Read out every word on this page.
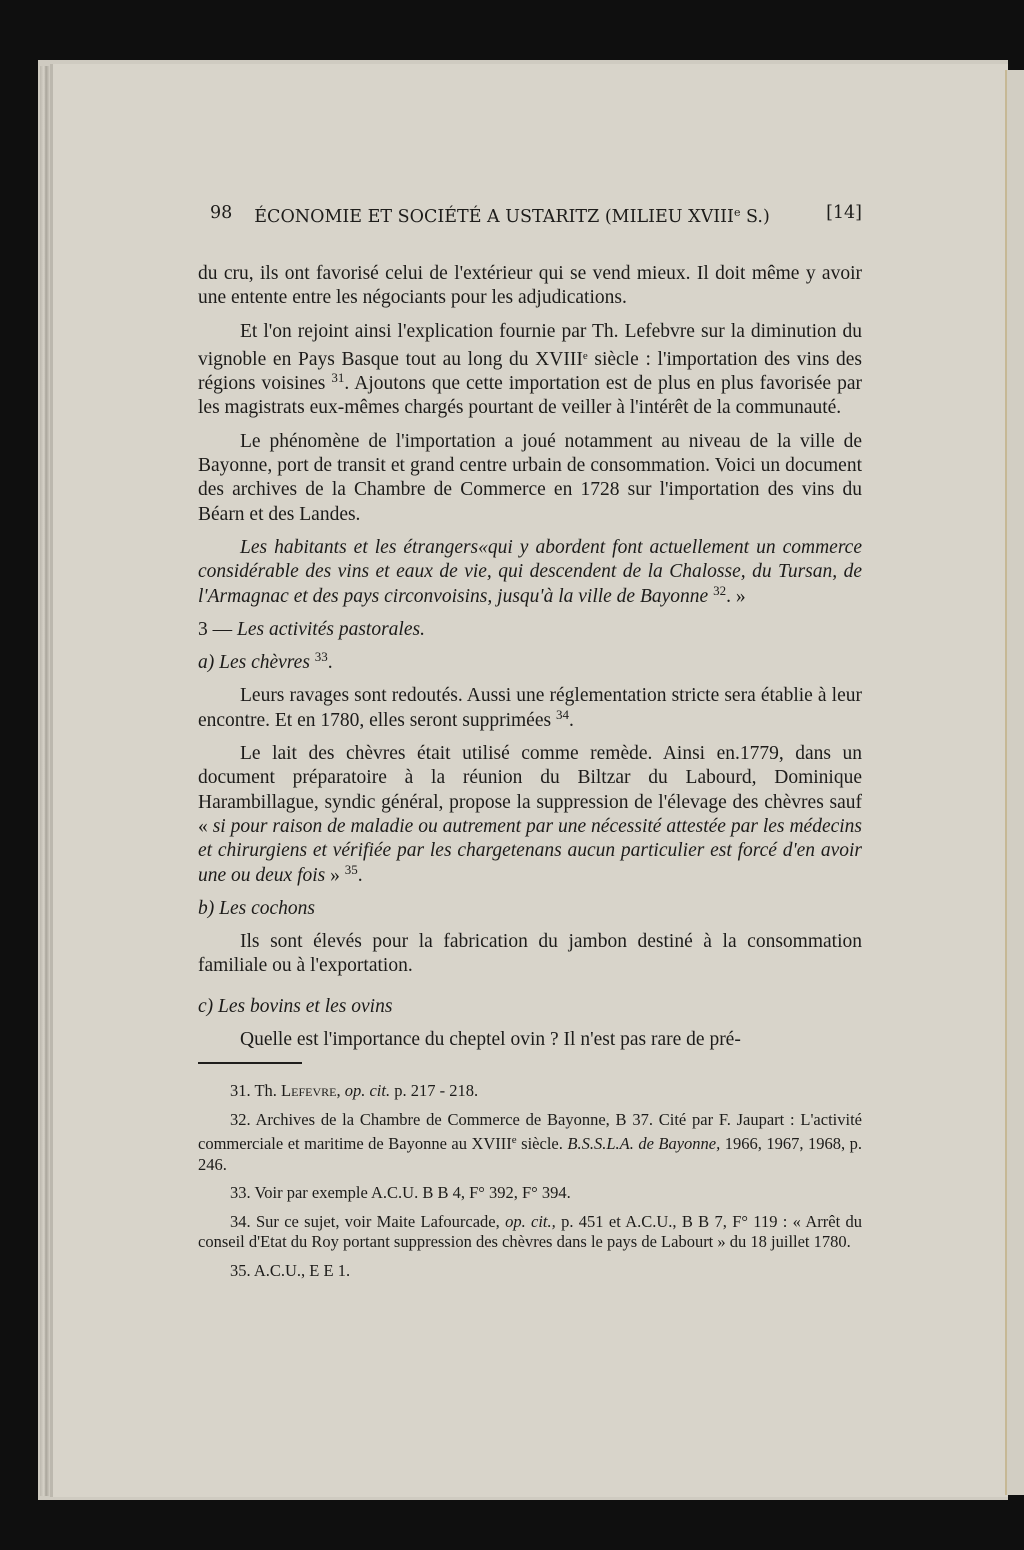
98 ÉCONOMIE ET SOCIÉTÉ A USTARITZ (MILIEU XVIIIe S.)	[14]

du cru, ils ont favorisé celui de l'extérieur qui se vend mieux. Il doit même y avoir une entente entre les négociants pour les adjudications.

Et l'on rejoint ainsi l'explication fournie par Th. Lefebvre sur la diminution du vignoble en Pays Basque tout au long du XVIIIe siècle : l'importation des vins des régions voisines $^{31}$. Ajoutons que cette importation est de plus en plus favorisée par les magistrats eux-mêmes chargés pourtant de veiller à l'intérêt de la communauté.

Le phénomène de l'importation a joué notamment au niveau de la ville de Bayonne, port de transit et grand centre urbain de consommation. Voici un document des archives de la Chambre de Commerce en 1728 sur l'importation des vins du Béarn et des Landes.

Les habitants et les étrangers«qui y abordent font actuellement un commerce considérable des vins et eaux de vie, qui descendent de la Chalosse, du Tursan, de l'Armagnac et des pays circonvoisins, jusqu'à la ville de Bayonne $^{32}$. »

3 — Les activités pastorales.

a) Les chèvres $^{33}$.

Leurs ravages sont redoutés. Aussi une réglementation stricte sera établie à leur encontre. Et en 1780, elles seront supprimées $^{34}$.

Le lait des chèvres était utilisé comme remède. Ainsi en.1779, dans un document préparatoire à la réunion du Biltzar du Labourd, Dominique Harambillague, syndic général, propose la suppression de l'élevage des chèvres sauf « si pour raison de maladie ou autrement par une nécessité attestée par les médecins et chirurgiens et vérifiée par les chargetenans aucun particulier est forcé d'en avoir une ou deux fois » $^{35}$.

b) Les cochons

Ils sont élevés pour la fabrication du jambon destiné à la consommation familiale ou à l'exportation.

c) Les bovins et les ovins

Quelle est l'importance du cheptel ovin ? Il n'est pas rare de pré-

31. Th. Lefevre, op. cit. p. 217 - 218.

32. Archives de la Chambre de Commerce de Bayonne, B 37. Cité par F. Jaupart : L'activité commerciale et maritime de Bayonne au XVIIIe siècle. B.S.S.L.A. de Bayonne, 1966, 1967, 1968, p. 246.

33. Voir par exemple A.C.U. B B 4, F° 392, F° 394.

34. Sur ce sujet, voir Maite Lafourcade, op. cit., p. 451 et A.C.U., B B 7, F° 119 : « Arrêt du conseil d'Etat du Roy portant suppression des chèvres dans le pays de Labourt » du 18 juillet 1780.

35. A.C.U., E E 1.
